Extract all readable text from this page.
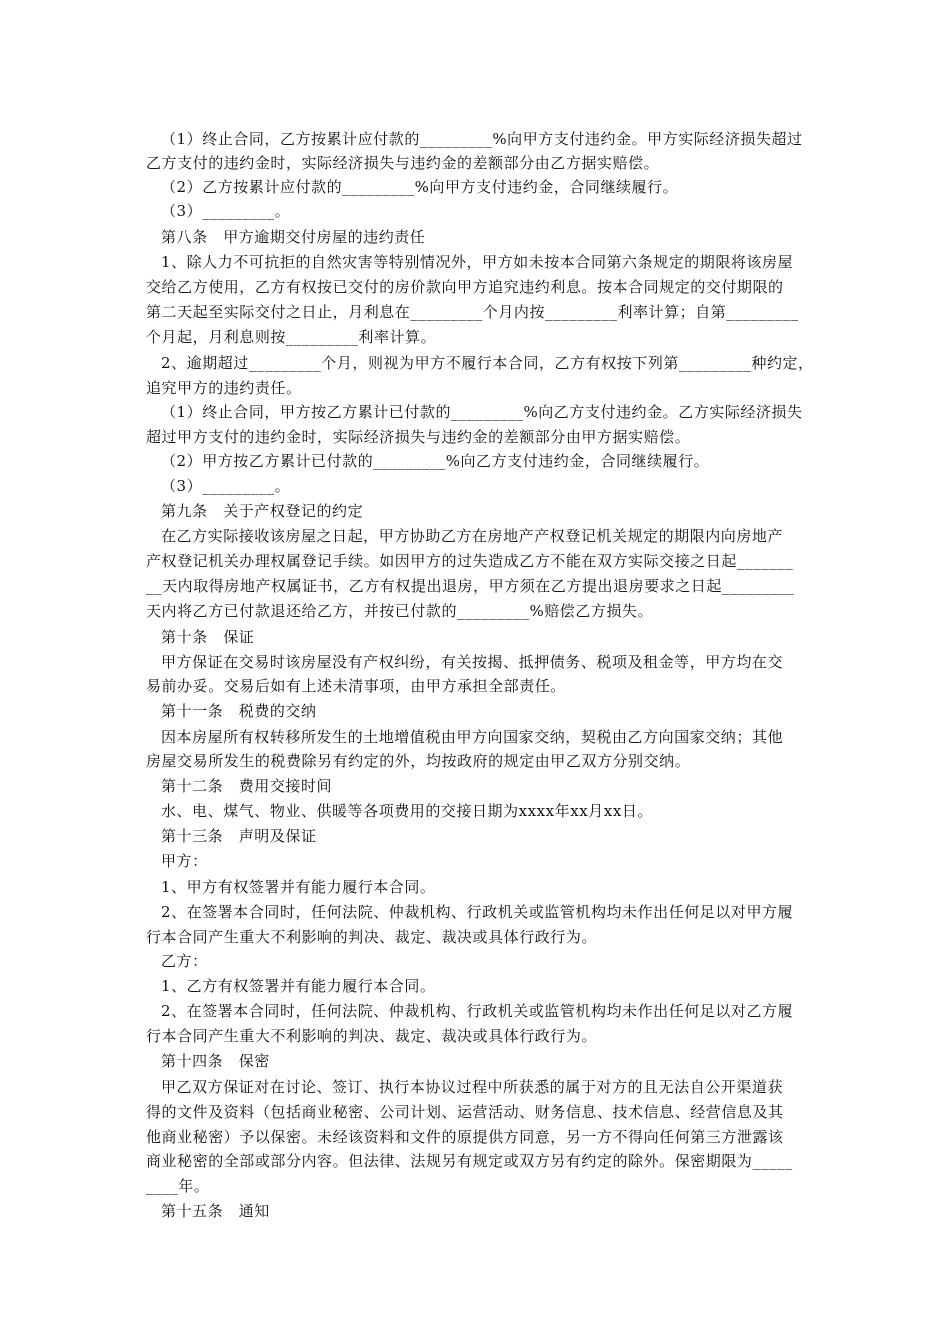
（1）终止合同，乙方按累计应付款的_________%向甲方支付违约金。甲方实际经济损失超过
乙方支付的违约金时，实际经济损失与违约金的差额部分由乙方据实赔偿。
（2）乙方按累计应付款的_________%向甲方支付违约金，合同继续履行。
（3）_________。
第八条　甲方逾期交付房屋的违约责任
1、除人力不可抗拒的自然灾害等特别情况外，甲方如未按本合同第六条规定的期限将该房屋
交给乙方使用，乙方有权按已交付的房价款向甲方追究违约利息。按本合同规定的交付期限的
第二天起至实际交付之日止，月利息在_________个月内按_________利率计算；自第_________
个月起，月利息则按_________利率计算。
2、逾期超过_________个月，则视为甲方不履行本合同，乙方有权按下列第_________种约定，
追究甲方的违约责任。
（1）终止合同，甲方按乙方累计已付款的_________%向乙方支付违约金。乙方实际经济损失
超过甲方支付的违约金时，实际经济损失与违约金的差额部分由甲方据实赔偿。
（2）甲方按乙方累计已付款的_________%向乙方支付违约金，合同继续履行。
（3）_________。
第九条　关于产权登记的约定
在乙方实际接收该房屋之日起，甲方协助乙方在房地产产权登记机关规定的期限内向房地产
产权登记机关办理权属登记手续。如因甲方的过失造成乙方不能在双方实际交接之日起_______
__天内取得房地产权属证书，乙方有权提出退房，甲方须在乙方提出退房要求之日起_________
天内将乙方已付款退还给乙方，并按已付款的_________%赔偿乙方损失。
第十条　保证
甲方保证在交易时该房屋没有产权纠纷，有关按揭、抵押债务、税项及租金等，甲方均在交
易前办妥。交易后如有上述未清事项，由甲方承担全部责任。
第十一条　税费的交纳
因本房屋所有权转移所发生的土地增值税由甲方向国家交纳，契税由乙方向国家交纳；其他
房屋交易所发生的税费除另有约定的外，均按政府的规定由甲乙双方分别交纳。
第十二条　费用交接时间
水、电、煤气、物业、供暖等各项费用的交接日期为xxxx年xx月xx日。
第十三条　声明及保证
甲方：
1、甲方有权签署并有能力履行本合同。
2、在签署本合同时，任何法院、仲裁机构、行政机关或监管机构均未作出任何足以对甲方履
行本合同产生重大不利影响的判决、裁定、裁决或具体行政行为。
乙方：
1、乙方有权签署并有能力履行本合同。
2、在签署本合同时，任何法院、仲裁机构、行政机关或监管机构均未作出任何足以对乙方履
行本合同产生重大不利影响的判决、裁定、裁决或具体行政行为。
第十四条　保密
甲乙双方保证对在讨论、签订、执行本协议过程中所获悉的属于对方的且无法自公开渠道获
得的文件及资料（包括商业秘密、公司计划、运营活动、财务信息、技术信息、经营信息及其
他商业秘密）予以保密。未经该资料和文件的原提供方同意，另一方不得向任何第三方泄露该
商业秘密的全部或部分内容。但法律、法规另有规定或双方另有约定的除外。保密期限为_____
____年。
第十五条　通知
